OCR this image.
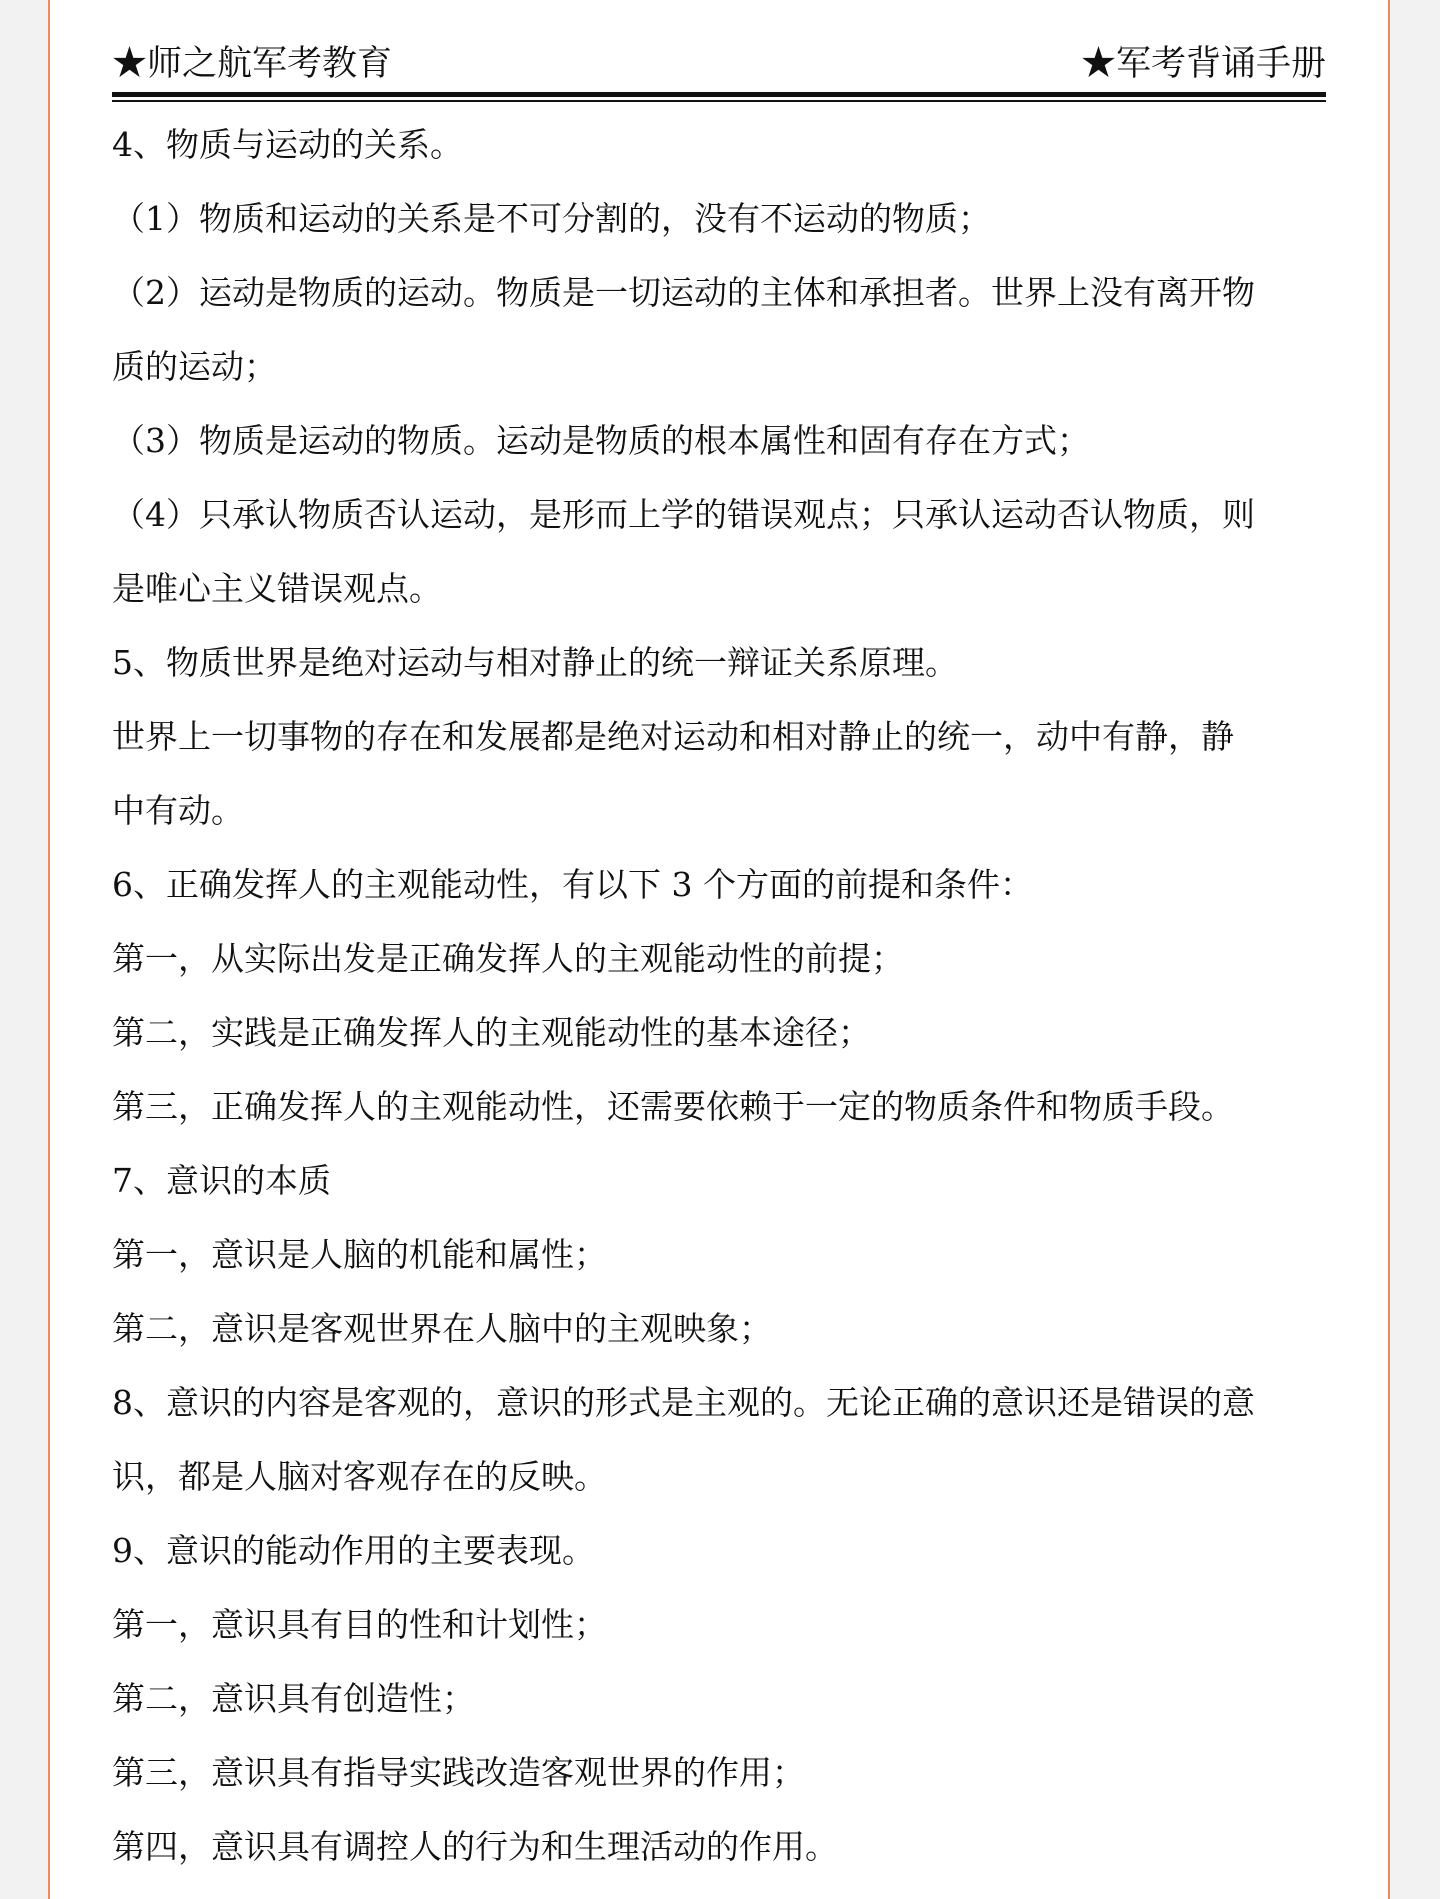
★师之航军考教育	★军考背诵手册
4、物质与运动的关系。
（1）物质和运动的关系是不可分割的，没有不运动的物质；
（2）运动是物质的运动。物质是一切运动的主体和承担者。世界上没有离开物
质的运动；
（3）物质是运动的物质。运动是物质的根本属性和固有存在方式；
（4）只承认物质否认运动，是形而上学的错误观点；只承认运动否认物质，则
是唯心主义错误观点。
5、物质世界是绝对运动与相对静止的统一辩证关系原理。
世界上一切事物的存在和发展都是绝对运动和相对静止的统一，动中有静，静
中有动。
6、正确发挥人的主观能动性，有以下 3 个方面的前提和条件：
第一，从实际出发是正确发挥人的主观能动性的前提；
第二，实践是正确发挥人的主观能动性的基本途径；
第三，正确发挥人的主观能动性，还需要依赖于一定的物质条件和物质手段。
7、意识的本质
第一，意识是人脑的机能和属性；
第二，意识是客观世界在人脑中的主观映象；
8、意识的内容是客观的，意识的形式是主观的。无论正确的意识还是错误的意
识，都是人脑对客观存在的反映。
9、意识的能动作用的主要表现。
第一，意识具有目的性和计划性；
第二，意识具有创造性；
第三，意识具有指导实践改造客观世界的作用；
第四，意识具有调控人的行为和生理活动的作用。
